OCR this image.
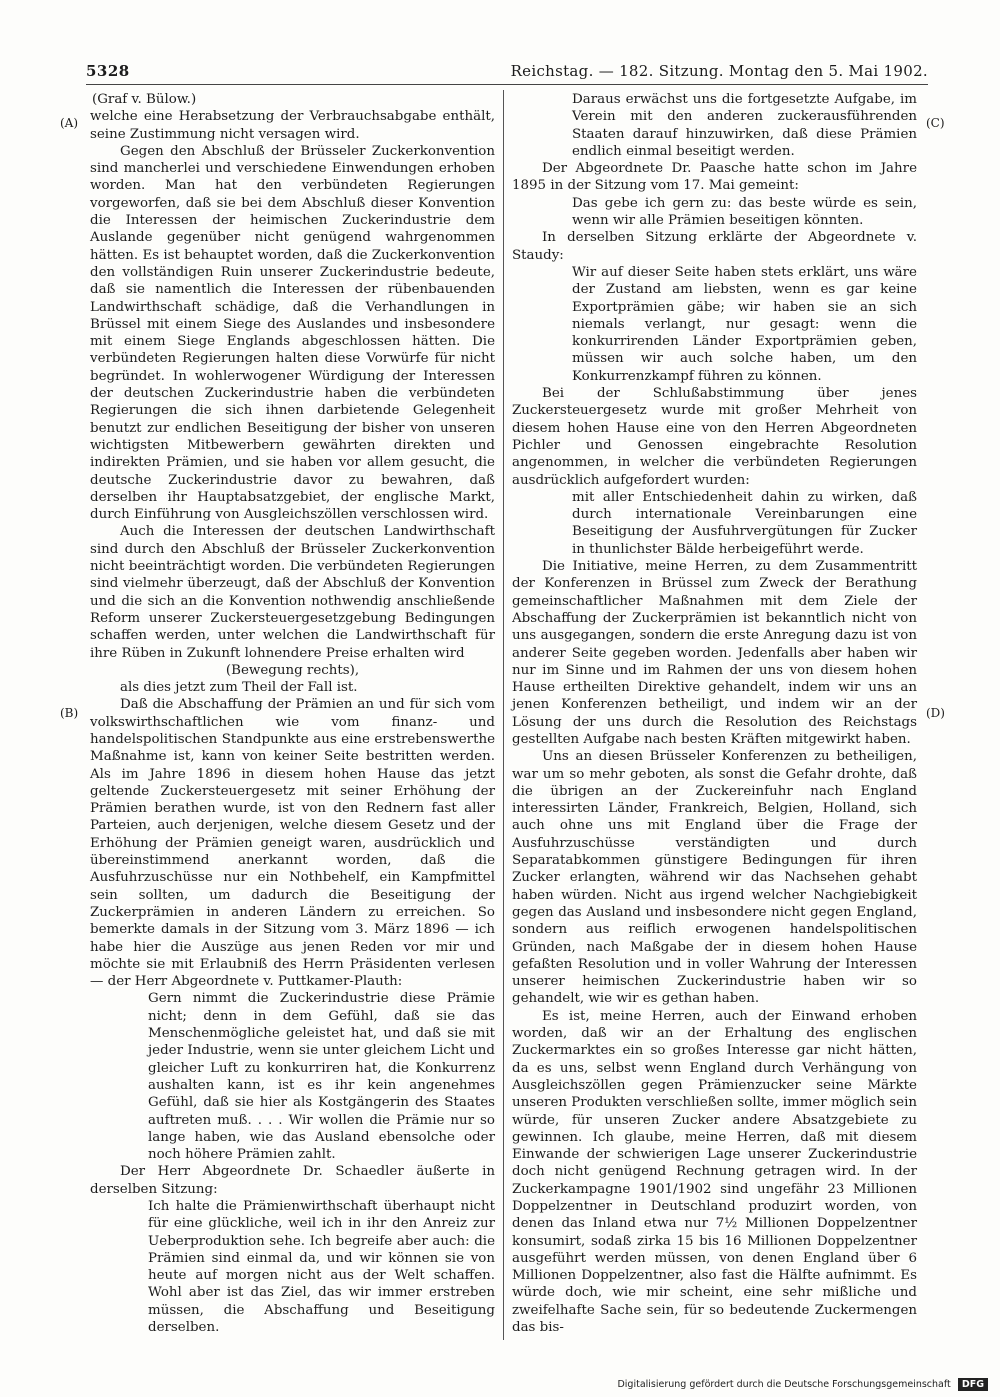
5328	Reichstag. — 182. Sitzung. Montag den 5. Mai 1902.
(A)
(B)
(C)
(D)

(Graf v. Bülow.)

welche eine Herabsetzung der Verbrauchsabgabe enthält, seine Zustimmung nicht versagen wird.

Gegen den Abschluß der Brüsseler Zuckerkonvention sind mancherlei und verschiedene Einwendungen erhoben worden. Man hat den verbündeten Regierungen vorgeworfen, daß sie bei dem Abschluß dieser Konvention die Interessen der heimischen Zuckerindustrie dem Auslande gegenüber nicht genügend wahrgenommen hätten. Es ist behauptet worden, daß die Zuckerkonvention den vollständigen Ruin unserer Zuckerindustrie bedeute, daß sie namentlich die Interessen der rübenbauenden Landwirthschaft schädige, daß die Verhandlungen in Brüssel mit einem Siege des Auslandes und insbesondere mit einem Siege Englands abgeschlossen hätten. Die verbündeten Regierungen halten diese Vorwürfe für nicht begründet. In wohlerwogener Würdigung der Interessen der deutschen Zuckerindustrie haben die verbündeten Regierungen die sich ihnen darbietende Gelegenheit benutzt zur endlichen Beseitigung der bisher von unseren wichtigsten Mitbewerbern gewährten direkten und indirekten Prämien, und sie haben vor allem gesucht, die deutsche Zuckerindustrie davor zu bewahren, daß derselben ihr Hauptabsatzgebiet, der englische Markt, durch Einführung von Ausgleichszöllen verschlossen wird.

Auch die Interessen der deutschen Landwirthschaft sind durch den Abschluß der Brüsseler Zuckerkonvention nicht beeinträchtigt worden. Die verbündeten Regierungen sind vielmehr überzeugt, daß der Abschluß der Konvention und die sich an die Konvention nothwendig anschließende Reform unserer Zuckersteuergesetzgebung Bedingungen schaffen werden, unter welchen die Landwirthschaft für ihre Rüben in Zukunft lohnendere Preise erhalten wird

(Bewegung rechts),

als dies jetzt zum Theil der Fall ist.

Daß die Abschaffung der Prämien an und für sich vom volkswirthschaftlichen wie vom finanz- und handelspolitischen Standpunkte aus eine erstrebenswerthe Maßnahme ist, kann von keiner Seite bestritten werden. Als im Jahre 1896 in diesem hohen Hause das jetzt geltende Zuckersteuergesetz mit seiner Erhöhung der Prämien berathen wurde, ist von den Rednern fast aller Parteien, auch derjenigen, welche diesem Gesetz und der Erhöhung der Prämien geneigt waren, ausdrücklich und übereinstimmend anerkannt worden, daß die Ausfuhrzuschüsse nur ein Nothbehelf, ein Kampfmittel sein sollten, um dadurch die Beseitigung der Zuckerprämien in anderen Ländern zu erreichen. So bemerkte damals in der Sitzung vom 3. März 1896 — ich habe hier die Auszüge aus jenen Reden vor mir und möchte sie mit Erlaubniß des Herrn Präsidenten verlesen — der Herr Abgeordnete v. Puttkamer-Plauth:

Gern nimmt die Zuckerindustrie diese Prämie nicht; denn in dem Gefühl, daß sie das Menschenmögliche geleistet hat, und daß sie mit jeder Industrie, wenn sie unter gleichem Licht und gleicher Luft zu konkurriren hat, die Konkurrenz aushalten kann, ist es ihr kein angenehmes Gefühl, daß sie hier als Kostgängerin des Staates auftreten muß. . . . Wir wollen die Prämie nur so lange haben, wie das Ausland ebensolche oder noch höhere Prämien zahlt.

Der Herr Abgeordnete Dr. Schaedler äußerte in derselben Sitzung:

Ich halte die Prämienwirthschaft überhaupt nicht für eine glückliche, weil ich in ihr den Anreiz zur Ueberproduktion sehe. Ich begreife aber auch: die Prämien sind einmal da, und wir können sie von heute auf morgen nicht aus der Welt schaffen. Wohl aber ist das Ziel, das wir immer erstreben müssen, die Abschaffung und Beseitigung derselben.

Daraus erwächst uns die fortgesetzte Aufgabe, im Verein mit den anderen zuckerausführenden Staaten darauf hinzuwirken, daß diese Prämien endlich einmal beseitigt werden.

Der Abgeordnete Dr. Paasche hatte schon im Jahre 1895 in der Sitzung vom 17. Mai gemeint:

Das gebe ich gern zu: das beste würde es sein, wenn wir alle Prämien beseitigen könnten.

In derselben Sitzung erklärte der Abgeordnete v. Staudy:

Wir auf dieser Seite haben stets erklärt, uns wäre der Zustand am liebsten, wenn es gar keine Exportprämien gäbe; wir haben sie an sich niemals verlangt, nur gesagt: wenn die konkurrirenden Länder Exportprämien geben, müssen wir auch solche haben, um den Konkurrenzkampf führen zu können.

Bei der Schlußabstimmung über jenes Zuckersteuergesetz wurde mit großer Mehrheit von diesem hohen Hause eine von den Herren Abgeordneten Pichler und Genossen eingebrachte Resolution angenommen, in welcher die verbündeten Regierungen ausdrücklich aufgefordert wurden:

mit aller Entschiedenheit dahin zu wirken, daß durch internationale Vereinbarungen eine Beseitigung der Ausfuhrvergütungen für Zucker in thunlichster Bälde herbeigeführt werde.

Die Initiative, meine Herren, zu dem Zusammentritt der Konferenzen in Brüssel zum Zweck der Berathung gemeinschaftlicher Maßnahmen mit dem Ziele der Abschaffung der Zuckerprämien ist bekanntlich nicht von uns ausgegangen, sondern die erste Anregung dazu ist von anderer Seite gegeben worden. Jedenfalls aber haben wir nur im Sinne und im Rahmen der uns von diesem hohen Hause ertheilten Direktive gehandelt, indem wir uns an jenen Konferenzen betheiligt, und indem wir an der Lösung der uns durch die Resolution des Reichstags gestellten Aufgabe nach besten Kräften mitgewirkt haben.

Uns an diesen Brüsseler Konferenzen zu betheiligen, war um so mehr geboten, als sonst die Gefahr drohte, daß die übrigen an der Zuckereinfuhr nach England interessirten Länder, Frankreich, Belgien, Holland, sich auch ohne uns mit England über die Frage der Ausfuhrzuschüsse verständigten und durch Separatabkommen günstigere Bedingungen für ihren Zucker erlangten, während wir das Nachsehen gehabt haben würden. Nicht aus irgend welcher Nachgiebigkeit gegen das Ausland und insbesondere nicht gegen England, sondern aus reiflich erwogenen handelspolitischen Gründen, nach Maßgabe der in diesem hohen Hause gefaßten Resolution und in voller Wahrung der Interessen unserer heimischen Zuckerindustrie haben wir so gehandelt, wie wir es gethan haben.

Es ist, meine Herren, auch der Einwand erhoben worden, daß wir an der Erhaltung des englischen Zuckermarktes ein so großes Interesse gar nicht hätten, da es uns, selbst wenn England durch Verhängung von Ausgleichszöllen gegen Prämienzucker seine Märkte unseren Produkten verschließen sollte, immer möglich sein würde, für unseren Zucker andere Absatzgebiete zu gewinnen. Ich glaube, meine Herren, daß mit diesem Einwande der schwierigen Lage unserer Zuckerindustrie doch nicht genügend Rechnung getragen wird. In der Zuckerkampagne 1901/1902 sind ungefähr 23 Millionen Doppelzentner in Deutschland produzirt worden, von denen das Inland etwa nur 7½ Millionen Doppelzentner konsumirt, sodaß zirka 15 bis 16 Millionen Doppelzentner ausgeführt werden müssen, von denen England über 6 Millionen Doppelzentner, also fast die Hälfte aufnimmt. Es würde doch, wie mir scheint, eine sehr mißliche und zweifelhafte Sache sein, für so bedeutende Zuckermengen das bis-

Digitalisierung gefördert durch die Deutsche Forschungsgemeinschaft DFG
